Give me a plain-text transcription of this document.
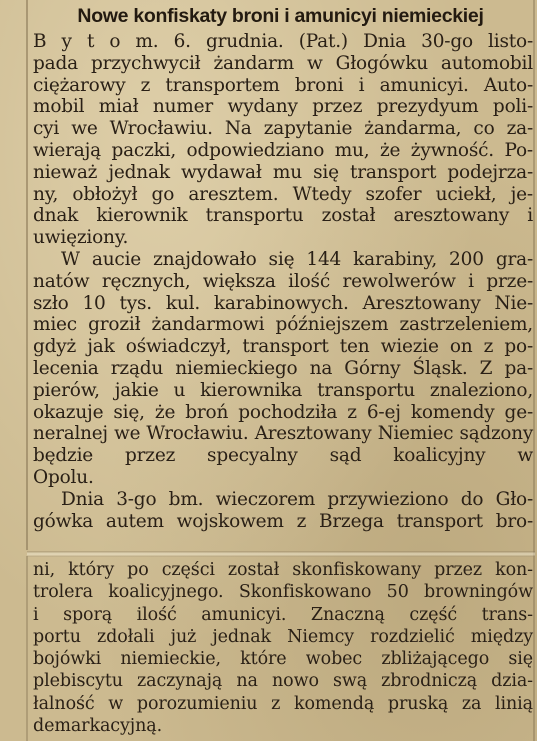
Nowe konfiskaty broni i amunicyi niemieckiej
B y t o m. 6. grudnia. (Pat.) Dnia 30-go listo-
pada przychwycił żandarm w Głogówku automobil
ciężarowy z transportem broni i amunicyi. Auto-
mobil miał numer wydany przez prezydyum poli-
cyi we Wrocławiu. Na zapytanie żandarma, co za-
wierają paczki, odpowiedziano mu, że żywność. Po-
nieważ jednak wydawał mu się transport podejrza-
ny, obłożył go aresztem. Wtedy szofer uciekł, je-
dnak kierownik transportu został aresztowany i
uwięziony.
W aucie znajdowało się 144 karabiny, 200 gra-
natów ręcznych, większa ilość rewolwerów i prze-
szło 10 tys. kul. karabinowych. Aresztowany Nie-
miec groził żandarmowi późniejszem zastrzeleniem,
gdyż jak oświadczył, transport ten wiezie on z po-
lecenia rządu niemieckiego na Górny Śląsk. Z pa-
pierów, jakie u kierownika transportu znaleziono,
okazuje się, że broń pochodziła z 6-ej komendy ge-
neralnej we Wrocławiu. Aresztowany Niemiec sądzony
będzie przez specyalny sąd koalicyjny w
Opolu.
Dnia 3-go bm. wieczorem przywieziono do Gło-
gówka autem wojskowem z Brzega transport bro-
ni, który po części został skonfiskowany przez kon-
trolera koalicyjnego. Skonfiskowano 50 browningów
i sporą ilość amunicyi. Znaczną część trans-
portu zdołali już jednak Niemcy rozdzielić między
bojówki niemieckie, które wobec zbliżającego się
plebiscytu zaczynają na nowo swą zbrodniczą dzia-
łalność w porozumieniu z komendą pruską za linią
demarkacyjną.
